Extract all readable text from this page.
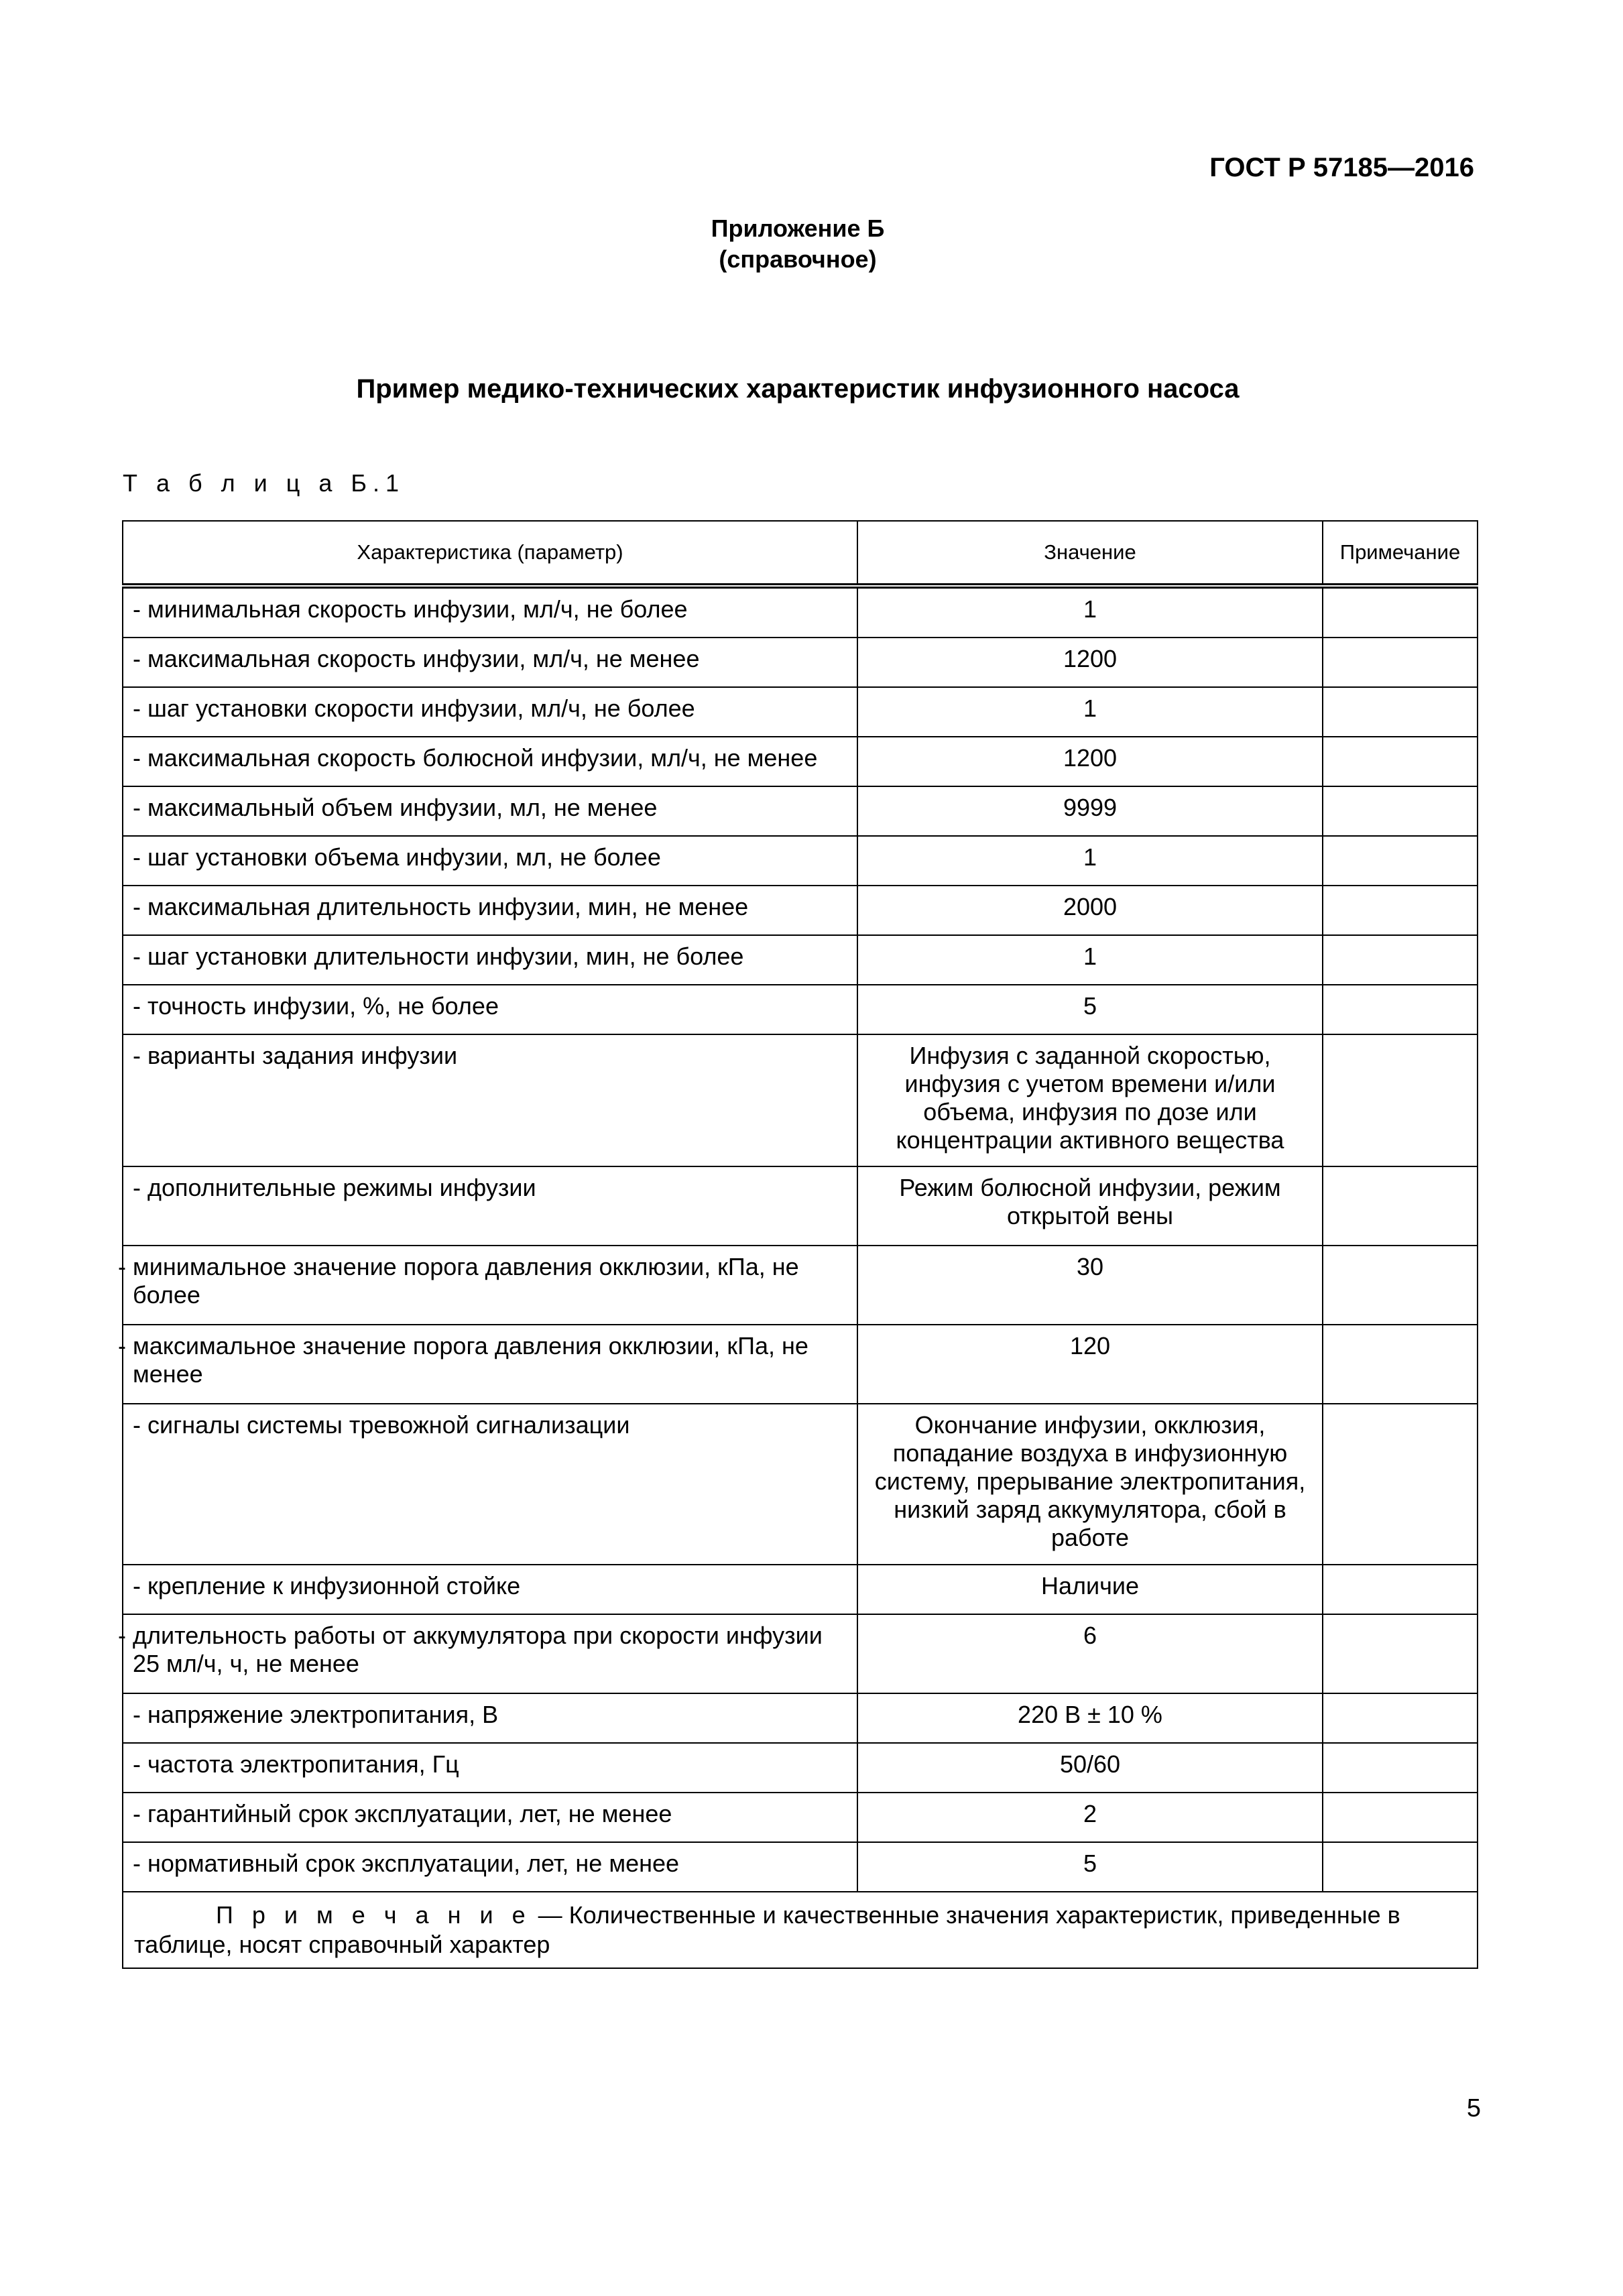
ГОСТ Р 57185—2016
Приложение Б
(справочное)
Пример медико-технических характеристик инфузионного насоса
Т а б л и ц а Б.1
Характеристика (параметр)	Значение	Примечание
- минимальная скорость инфузии, мл/ч, не более	1	
- максимальная скорость инфузии, мл/ч, не менее	1200	
- шаг установки скорости инфузии, мл/ч, не более	1	
- максимальная скорость болюсной инфузии, мл/ч, не менее	1200	
- максимальный объем инфузии, мл, не менее	9999	
- шаг установки объема инфузии, мл, не более	1	
- максимальная длительность инфузии, мин, не менее	2000	
- шаг установки длительности инфузии, мин, не более	1	
- точность инфузии, %, не более	5	
- варианты задания инфузии	Инфузия с заданной скоростью, инфузия с учетом времени и/или объема, инфузия по дозе или концентрации активного вещества	
- дополнительные режимы инфузии	Режим болюсной инфузии, режим открытой вены	
- минимальное значение порога давления окклюзии, кПа, не более	30	
- максимальное значение порога давления окклюзии, кПа, не менее	120	
- сигналы системы тревожной сигнализации	Окончание инфузии, окклюзия, попадание воздуха в инфузионную систему, прерывание электропитания, низкий заряд аккумулятора, сбой в работе	
- крепление к инфузионной стойке	Наличие	
- длительность работы от аккумулятора при скорости инфузии 25 мл/ч, ч, не менее	6	
- напряжение электропитания, В	220 В ± 10 %	
- частота электропитания, Гц	50/60	
- гарантийный срок эксплуатации, лет, не менее	2	
- нормативный срок эксплуатации, лет, не менее	5	
П р и м е ч а н и е — Количественные и качественные значения характеристик, приведенные в таблице, носят справочный характер		
5
